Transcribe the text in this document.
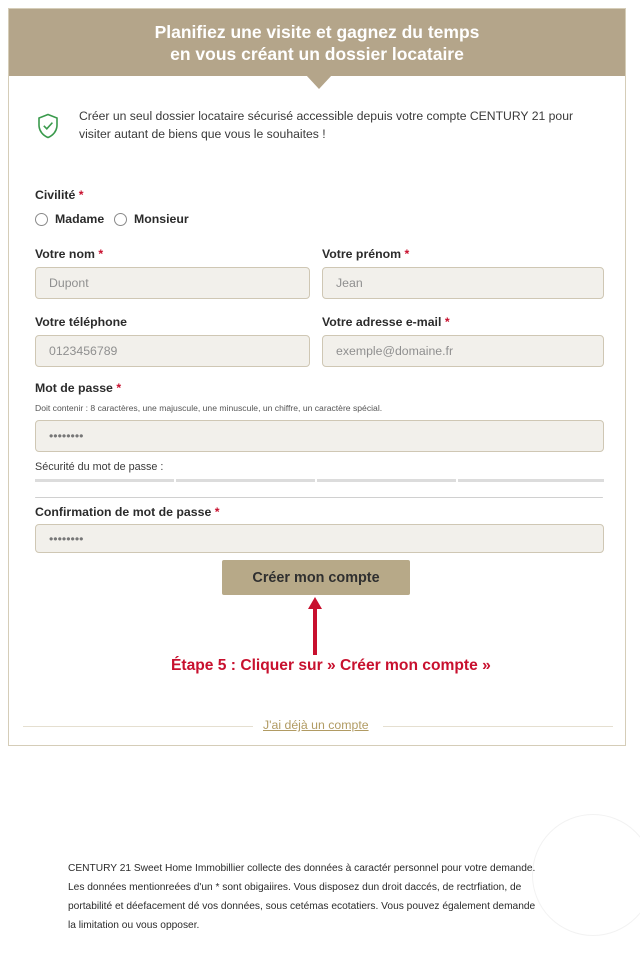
Planifiez une visite et gagnez du temps
en vous créant un dossier locataire
Créer un seul dossier locataire sécurisé accessible depuis votre compte CENTURY 21 pour
visiter autant de biens que vous le souhaites !
Civilité *
Madame Monsieur
Votre nom *	Votre prénom *
Dupont	Jean
Votre téléphone	Votre adresse e-mail *
0123456789	exemple@domaine.fr
Mot de passe *
Doit contenir : 8 caractères, une majuscule, une minuscule, un chiffre, un caractère spécial.
••••••••
Sécurité du mot de passe :
Confirmation de mot de passe *
••••••••
Créer mon compte
Étape 5 : Cliquer sur » Créer mon compte »
J'ai déjà un compte
CENTURY 21 Sweet Home Immobillier collecte des données à caractér personnel pour votre demande.
Les données mentionreées d'un * sont obigaiires. Vous disposez dun droit daccés, de rectrfiation, de
portabilité et déefacement dé vos données, sous cetémas ecotatiers. Vous pouvez également demande
la limitation ou vous opposer.
